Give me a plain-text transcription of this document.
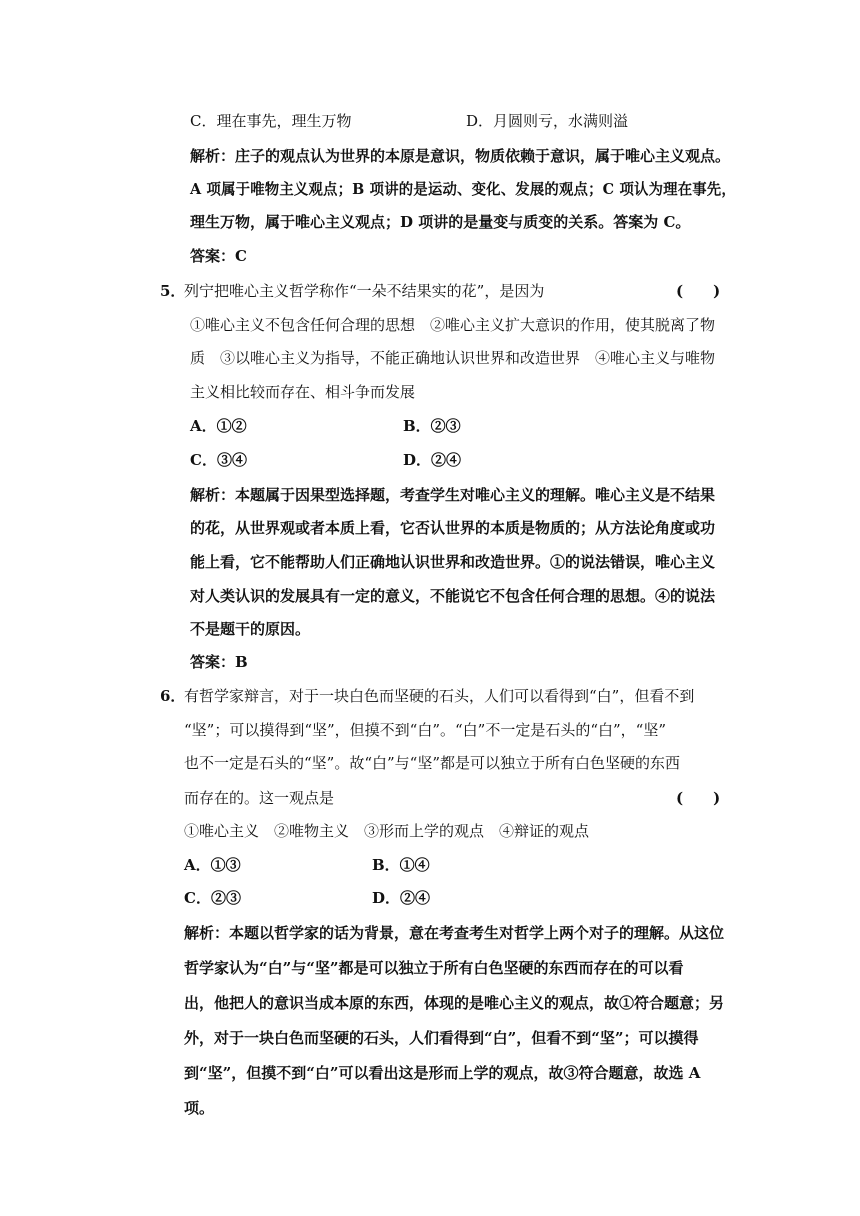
C．理在事先，理生万物	D．月圆则亏，水满则溢
解析：庄子的观点认为世界的本原是意识，物质依赖于意识，属于唯心主义观点。
A 项属于唯物主义观点；B 项讲的是运动、变化、发展的观点；C 项认为理在事先，
理生万物，属于唯心主义观点；D 项讲的是量变与质变的关系。答案为 C。
答案：C
5．
列宁把唯心主义哲学称作“一朵不结果实的花”，是因为	(　　)
①唯心主义不包含任何合理的思想　②唯心主义扩大意识的作用，使其脱离了物
质　③以唯心主义为指导，不能正确地认识世界和改造世界　④唯心主义与唯物
主义相比较而存在、相斗争而发展
A．①②	B．②③
C．③④	D．②④
解析：本题属于因果型选择题，考查学生对唯心主义的理解。唯心主义是不结果
的花，从世界观或者本质上看，它否认世界的本质是物质的；从方法论角度或功
能上看，它不能帮助人们正确地认识世界和改造世界。①的说法错误，唯心主义
对人类认识的发展具有一定的意义，不能说它不包含任何合理的思想。④的说法
不是题干的原因。
答案：B
6．
有哲学家辩言，对于一块白色而坚硬的石头，人们可以看得到“白”，但看不到
“坚”；可以摸得到“坚”，但摸不到“白”。“白”不一定是石头的“白”，“坚”
也不一定是石头的“坚”。故“白”与“坚”都是可以独立于所有白色坚硬的东西
而存在的。这一观点是	(　　)
①唯心主义　②唯物主义　③形而上学的观点　④辩证的观点
A．①③	B．①④
C．②③	D．②④
解析：本题以哲学家的话为背景，意在考查考生对哲学上两个对子的理解。从这位
哲学家认为“白”与“坚”都是可以独立于所有白色坚硬的东西而存在的可以看
出，他把人的意识当成本原的东西，体现的是唯心主义的观点，故①符合题意；另
外，对于一块白色而坚硬的石头，人们看得到“白”，但看不到“坚”；可以摸得
到“坚”，但摸不到“白”可以看出这是形而上学的观点，故③符合题意，故选 A
项。
